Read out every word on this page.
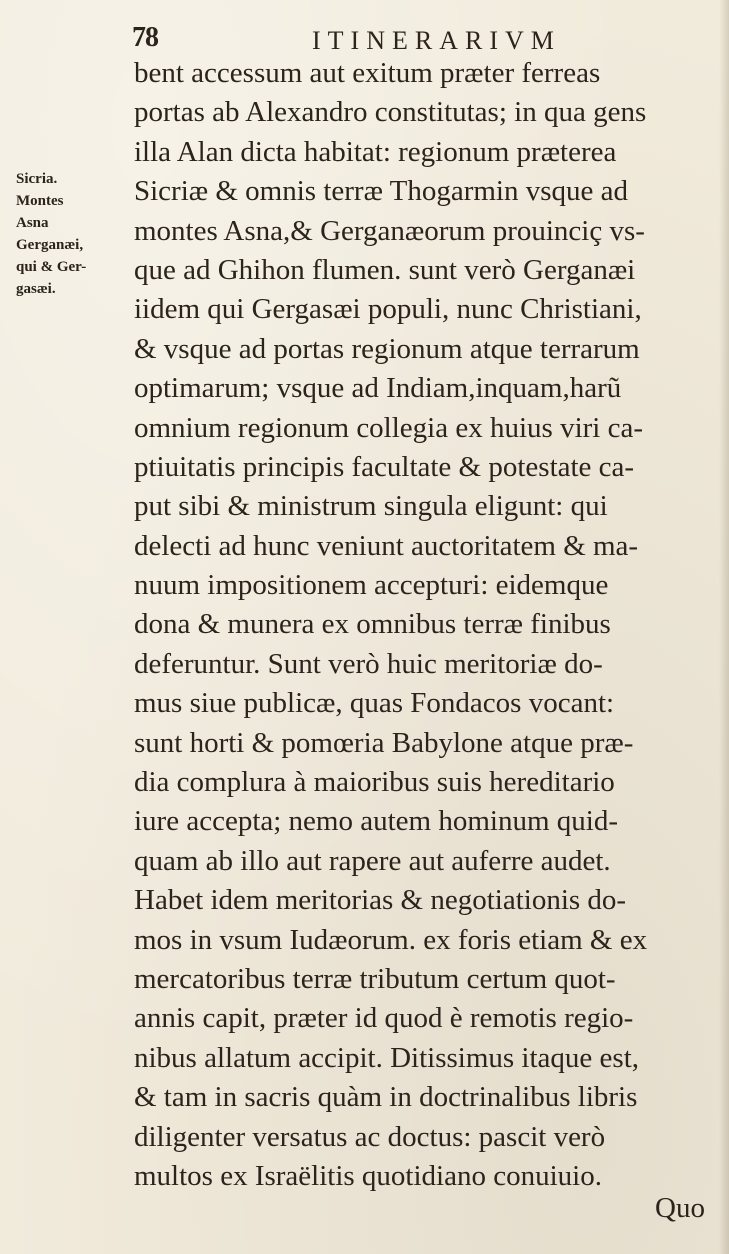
78	ITINERARIVM
Sicria.
Montes
Asna
Gerganæi,
qui & Ger-
gasæi.
bent accessum aut exitum præter ferreas
portas ab Alexandro constitutas; in qua gens
illa Alan dicta habitat: regionum præterea
Sicriæ & omnis terræ Thogarmin vsque ad
montes Asna,& Gerganæorum prouinciç vs-
que ad Ghihon flumen. sunt verò Gerganæi
iidem qui Gergasæi populi, nunc Christiani,
& vsque ad portas regionum atque terrarum
optimarum; vsque ad Indiam,inquam,harũ
omnium regionum collegia ex huius viri ca-
ptiuitatis principis facultate & potestate ca-
put sibi & ministrum singula eligunt: qui
delecti ad hunc veniunt auctoritatem & ma-
nuum impositionem accepturi: eidemque
dona & munera ex omnibus terræ finibus
deferuntur. Sunt verò huic meritoriæ do-
mus siue publicæ, quas Fondacos vocant:
sunt horti & pomœria Babylone atque præ-
dia complura à maioribus suis hereditario
iure accepta; nemo autem hominum quid-
quam ab illo aut rapere aut auferre audet.
Habet idem meritorias & negotiationis do-
mos in vsum Iudæorum. ex foris etiam & ex
mercatoribus terræ tributum certum quot-
annis capit, præter id quod è remotis regio-
nibus allatum accipit. Ditissimus itaque est,
& tam in sacris quàm in doctrinalibus libris
diligenter versatus ac doctus: pascit verò
multos ex Israëlitis quotidiano conuiuio.
Quo
